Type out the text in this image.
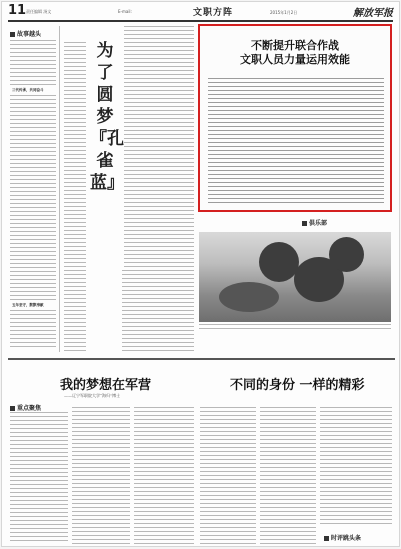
11 责任编辑 汤文	E-mail:	文职方阵	2015年1月2日	解放军报
故事越头
三代传承，共同奋斗
五年坚守，默默奉献
为了
圆梦
『孔雀
蓝』
不断提升联合作战
文职人员力量运用效能
俱乐部
我的梦想在军营
——辽宁军职院大学“海归”博士
重点聚焦
不同的身份 一样的精彩
时评跳头条
